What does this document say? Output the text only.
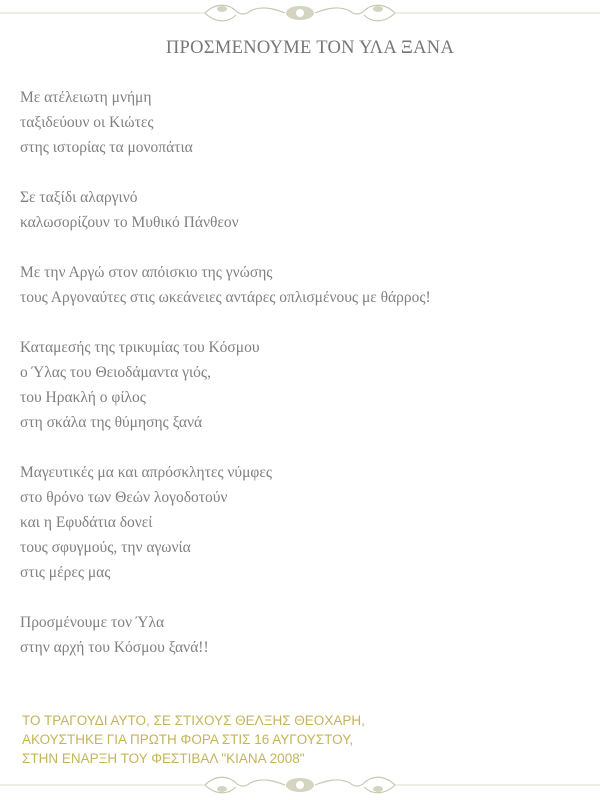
ΠΡΟΣΜΕΝΟΥΜΕ ΤΟΝ ΥΛΑ ΞΑΝΑ
Με ατέλειωτη μνήμη
ταξιδεύουν οι Κιώτες
στης ιστορίας τα μονοπάτια
Σε ταξίδι αλαργινό
καλωσορίζουν το Μυθικό Πάνθεον
Με την Αργώ στον απόισκιο της γνώσης
τους Αργοναύτες στις ωκεάνειες αντάρες οπλισμένους με θάρρος!
Καταμεσής της τρικυμίας του Κόσμου
ο Ύλας του Θειοδάμαντα γιός,
του Ηρακλή ο φίλος
στη σκάλα της θύμησης ξανά
Μαγευτικές μα και απρόσκλητες νύμφες
στο θρόνο των Θεών λογοδοτούν
και η Εφυδάτια δονεί
τους σφυγμούς, την αγωνία
στις μέρες μας
Προσμένουμε τον Ύλα
στην αρχή του Κόσμου ξανά!!
ΤΟ ΤΡΑΓΟΥΔΙ ΑΥΤΟ, ΣΕ ΣΤΙΧΟΥΣ ΘΕΛΞΗΣ ΘΕΟΧΑΡΗ,
ΑΚΟΥΣΤΗΚΕ ΓΙΑ ΠΡΩΤΗ ΦΟΡΑ ΣΤΙΣ 16 ΑΥΓΟΥΣΤΟΥ,
ΣΤΗΝ ΕΝΑΡΞΗ ΤΟΥ ΦΕΣΤΙΒΑΛ "ΚΙΑΝΑ 2008"
